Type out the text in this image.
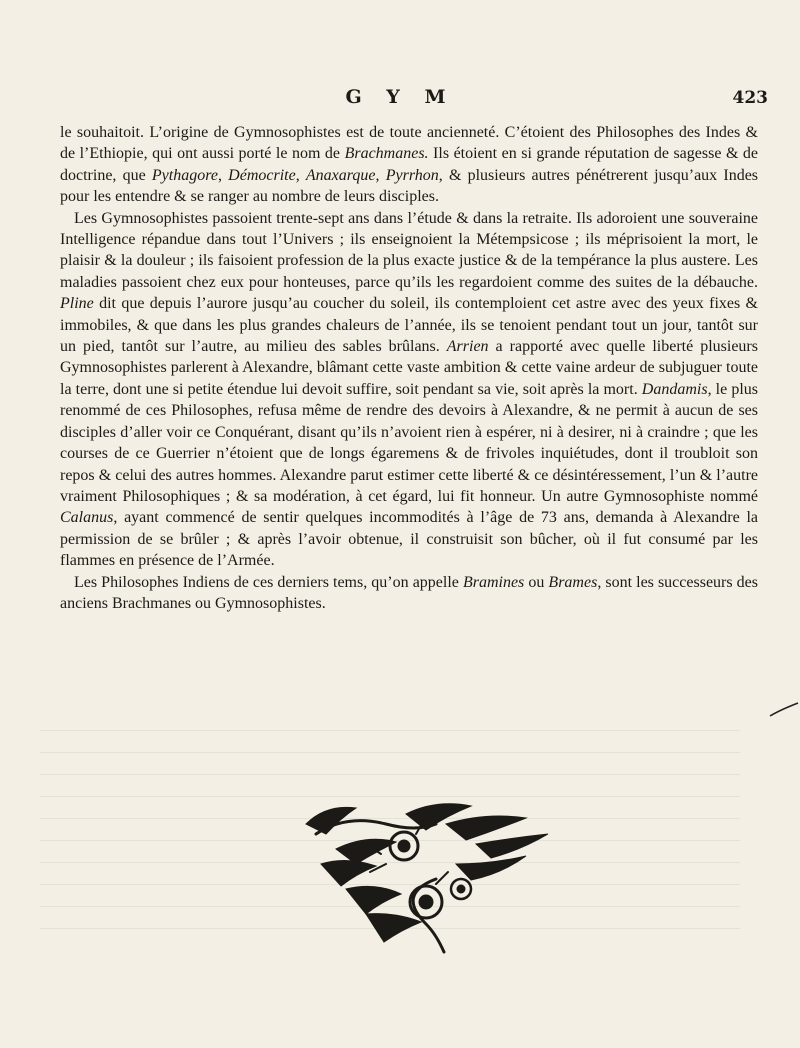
G Y M	423

le souhaitoit. L’origine de Gymnosophistes est de toute ancienneté. C’étoient des Philosophes des Indes & de l’Ethiopie, qui ont aussi porté le nom de Brachmanes. Ils étoient en si grande réputation de sagesse & de doctrine, que Pythagore, Démocrite, Anaxarque, Pyrrhon, & plusieurs autres pénétrerent jusqu’aux Indes pour les entendre & se ranger au nombre de leurs disciples.

Les Gymnosophistes passoient trente-sept ans dans l’étude & dans la retraite. Ils adoroient une souveraine Intelligence répandue dans tout l’Univers ; ils enseignoient la Métempsicose ; ils méprisoient la mort, le plaisir & la douleur ; ils faisoient profession de la plus exacte justice & de la tempérance la plus austere. Les maladies passoient chez eux pour honteuses, parce qu’ils les regardoient comme des suites de la débauche. Pline dit que depuis l’aurore jusqu’au coucher du soleil, ils contemploient cet astre avec des yeux fixes & immobiles, & que dans les plus grandes chaleurs de l’année, ils se tenoient pendant tout un jour, tantôt sur un pied, tantôt sur l’autre, au milieu des sables brûlans. Arrien a rapporté avec quelle liberté plusieurs Gymnosophistes parlerent à Alexandre, blâmant cette vaste ambition & cette vaine ardeur de subjuguer toute la terre, dont une si petite étendue lui devoit suffire, soit pendant sa vie, soit après la mort. Dandamis, le plus renommé de ces Philosophes, refusa même de rendre des devoirs à Alexandre, & ne permit à aucun de ses disciples d’aller voir ce Conquérant, disant qu’ils n’avoient rien à espérer, ni à desirer, ni à craindre ; que les courses de ce Guerrier n’étoient que de longs égaremens & de frivoles inquiétudes, dont il troubloit son repos & celui des autres hommes. Alexandre parut estimer cette liberté & ce désintéressement, l’un & l’autre vraiment Philosophiques ; & sa modération, à cet égard, lui fit honneur. Un autre Gymnosophiste nommé Calanus, ayant commencé de sentir quelques incommodités à l’âge de 73 ans, demanda à Alexandre la permission de se brûler ; & après l’avoir obtenue, il construisit son bûcher, où il fut consumé par les flammes en présence de l’Armée.

Les Philosophes Indiens de ces derniers tems, qu’on appelle Bramines ou Brames, sont les successeurs des anciens Brachmanes ou Gymnosophistes.
